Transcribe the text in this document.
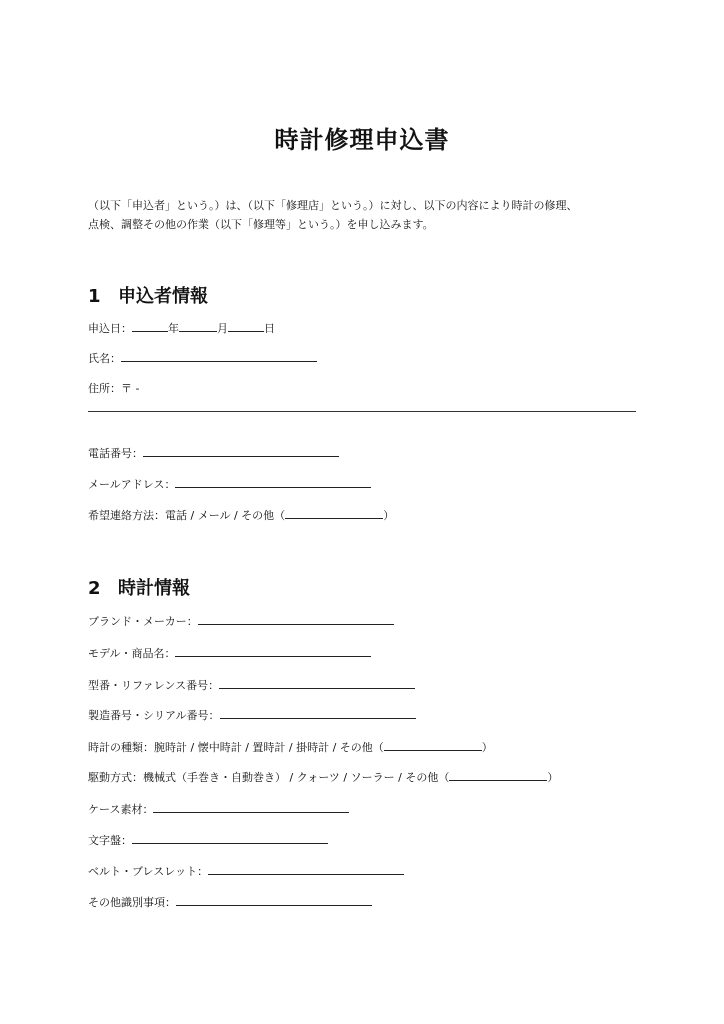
時計修理申込書
（以下「申込者」という。）は、（以下「修理店」という。）に対し、以下の内容により時計の修理、
点検、調整その他の作業（以下「修理等」という。）を申し込みます。
1 申込者情報
申込日：	年	月	日
氏名：
住所：〒 -
電話番号：
メールアドレス：
希望連絡方法：電話 / メール / その他（	）
2 時計情報
ブランド・メーカー：
モデル・商品名：
型番・リファレンス番号：
製造番号・シリアル番号：
時計の種類：腕時計 / 懐中時計 / 置時計 / 掛時計 / その他（	）
駆動方式：機械式（手巻き・自動巻き） / クォーツ / ソーラー / その他（	）
ケース素材：
文字盤：
ベルト・ブレスレット：
その他識別事項：
